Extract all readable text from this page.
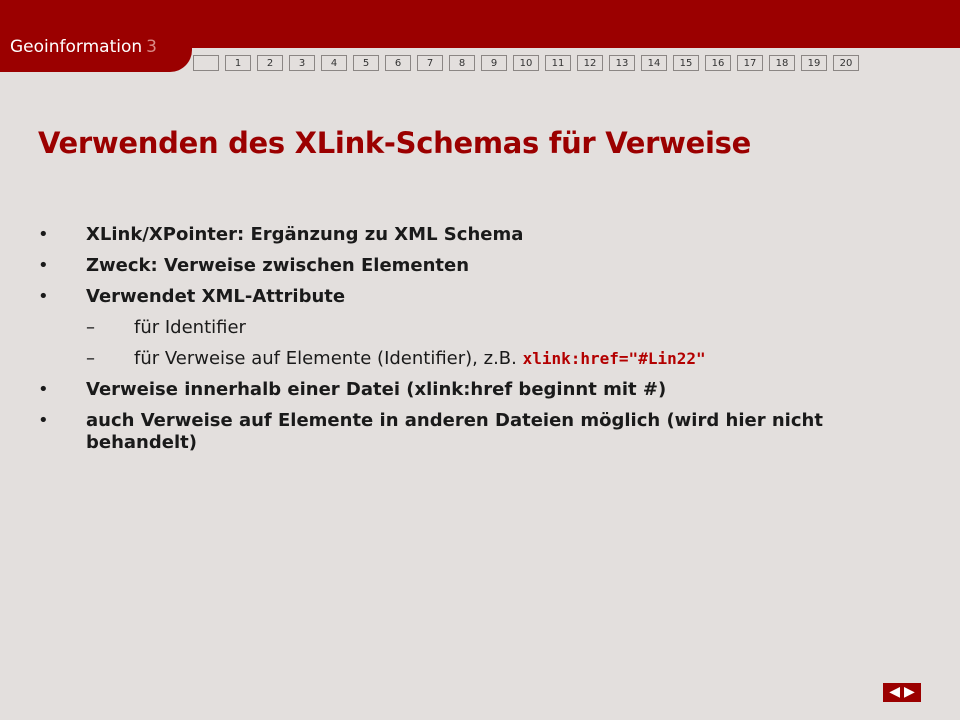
Geoinformation 3
1	2	3	4	5	6	7	8	9	10	11	12	13	14	15	16	17	18	19	20
Verwenden des XLink-Schemas für Verweise
• XLink/XPointer: Ergänzung zu XML Schema
• Zweck: Verweise zwischen Elementen
• Verwendet XML-Attribute
– für Identifier
– für Verweise auf Elemente (Identifier), z.B. xlink:href="#Lin22"
• Verweise innerhalb einer Datei (xlink:href beginnt mit #)
• auch Verweise auf Elemente in anderen Dateien möglich (wird hier nicht behandelt)
◀ ▶
